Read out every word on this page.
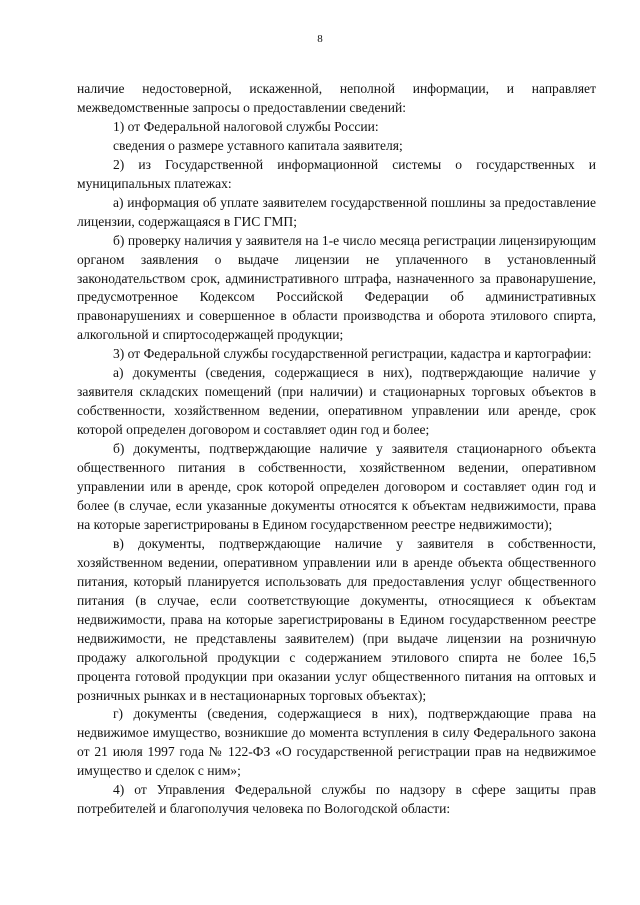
8

наличие недостоверной, искаженной, неполной информации, и направляет межведомственные запросы о предоставлении сведений:

1) от Федеральной налоговой службы России:

сведения о размере уставного капитала заявителя;

2) из Государственной информационной системы о государственных и муниципальных платежах:

а) информация об уплате заявителем государственной пошлины за предоставление лицензии, содержащаяся в ГИС ГМП;

б) проверку наличия у заявителя на 1-е число месяца регистрации лицензирующим органом заявления о выдаче лицензии не уплаченного в установленный законодательством срок, административного штрафа, назначенного за правонарушение, предусмотренное Кодексом Российской Федерации об административных правонарушениях и совершенное в области производства и оборота этилового спирта, алкогольной и спиртосодержащей продукции;

3) от Федеральной службы государственной регистрации, кадастра и картографии:

а) документы (сведения, содержащиеся в них), подтверждающие наличие у заявителя складских помещений (при наличии) и стационарных торговых объектов в собственности, хозяйственном ведении, оперативном управлении или аренде, срок которой определен договором и составляет один год и более;

б) документы, подтверждающие наличие у заявителя стационарного объекта общественного питания в собственности, хозяйственном ведении, оперативном управлении или в аренде, срок которой определен договором и составляет один год и более (в случае, если указанные документы относятся к объектам недвижимости, права на которые зарегистрированы в Едином государственном реестре недвижимости);

в) документы, подтверждающие наличие у заявителя в собственности, хозяйственном ведении, оперативном управлении или в аренде объекта общественного питания, который планируется использовать для предоставления услуг общественного питания (в случае, если соответствующие документы, относящиеся к объектам недвижимости, права на которые зарегистрированы в Едином государственном реестре недвижимости, не представлены заявителем) (при выдаче лицензии на розничную продажу алкогольной продукции с содержанием этилового спирта не более 16,5 процента готовой продукции при оказании услуг общественного питания на оптовых и розничных рынках и в нестационарных торговых объектах);

г) документы (сведения, содержащиеся в них), подтверждающие права на недвижимое имущество, возникшие до момента вступления в силу Федерального закона от 21 июля 1997 года № 122-ФЗ «О государственной регистрации прав на недвижимое имущество и сделок с ним»;

4) от Управления Федеральной службы по надзору в сфере защиты прав потребителей и благополучия человека по Вологодской области:
